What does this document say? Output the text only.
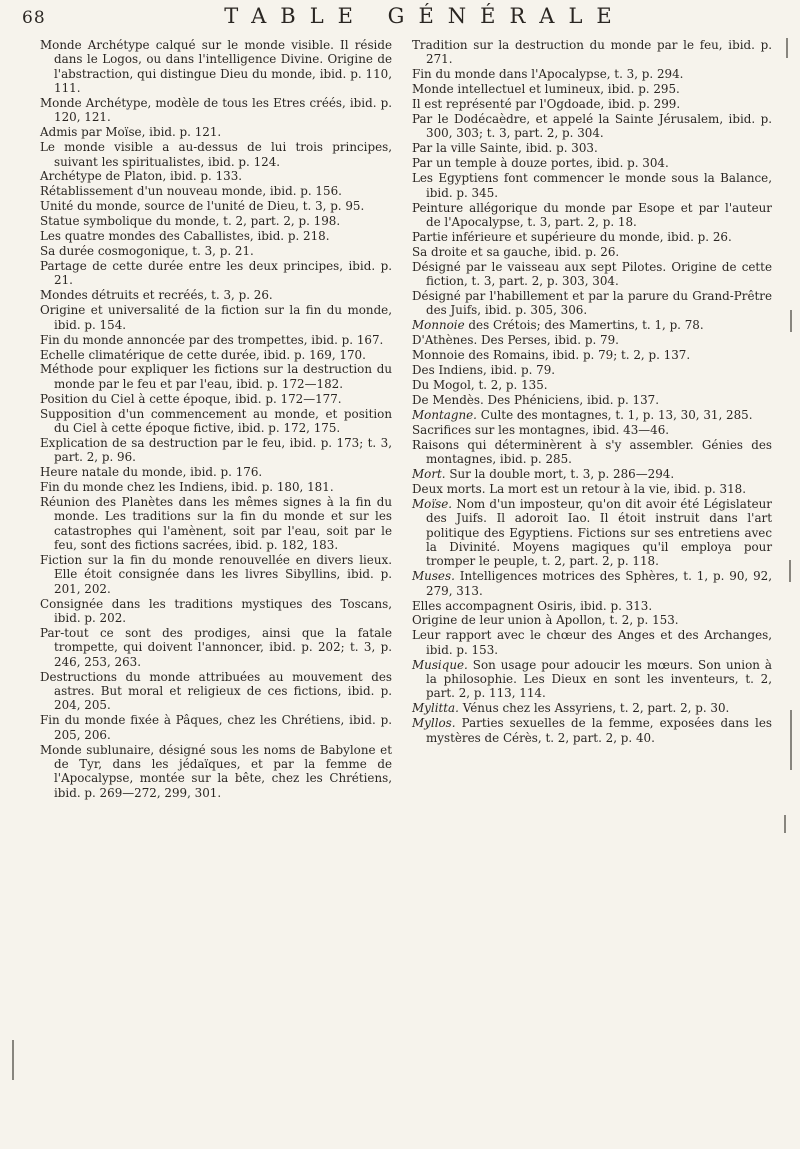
68	TABLE GÉNÉRALE

Monde Archétype calqué sur le monde visible. Il réside dans le Logos, ou dans l'intelligence Divine. Origine de l'abstraction, qui distingue Dieu du monde, ibid. p. 110, 111.

Monde Archétype, modèle de tous les Etres créés, ibid. p. 120, 121.

Admis par Moïse, ibid. p. 121.

Le monde visible a au-dessus de lui trois principes, suivant les spiritualistes, ibid. p. 124.

Archétype de Platon, ibid. p. 133.

Rétablissement d'un nouveau monde, ibid. p. 156.

Unité du monde, source de l'unité de Dieu, t. 3, p. 95.

Statue symbolique du monde, t. 2, part. 2, p. 198.

Les quatre mondes des Caballistes, ibid. p. 218.

Sa durée cosmogonique, t. 3, p. 21.

Partage de cette durée entre les deux principes, ibid. p. 21.

Mondes détruits et recréés, t. 3, p. 26.

Origine et universalité de la fiction sur la fin du monde, ibid. p. 154.

Fin du monde annoncée par des trompettes, ibid. p. 167.

Echelle climatérique de cette durée, ibid. p. 169, 170.

Méthode pour expliquer les fictions sur la destruction du monde par le feu et par l'eau, ibid. p. 172—182.

Position du Ciel à cette époque, ibid. p. 172—177.

Supposition d'un commencement au monde, et position du Ciel à cette époque fictive, ibid. p. 172, 175.

Explication de sa destruction par le feu, ibid. p. 173; t. 3, part. 2, p. 96.

Heure natale du monde, ibid. p. 176.

Fin du monde chez les Indiens, ibid. p. 180, 181.

Réunion des Planètes dans les mêmes signes à la fin du monde. Les traditions sur la fin du monde et sur les catastrophes qui l'amènent, soit par l'eau, soit par le feu, sont des fictions sacrées, ibid. p. 182, 183.

Fiction sur la fin du monde renouvellée en divers lieux. Elle étoit consignée dans les livres Sibyllins, ibid. p. 201, 202.

Consignée dans les traditions mystiques des Toscans, ibid. p. 202.

Par-tout ce sont des prodiges, ainsi que la fatale trompette, qui doivent l'annoncer, ibid. p. 202; t. 3, p. 246, 253, 263.

Destructions du monde attribuées au mouvement des astres. But moral et religieux de ces fictions, ibid. p. 204, 205.

Fin du monde fixée à Pâques, chez les Chrétiens, ibid. p. 205, 206.

Monde sublunaire, désigné sous les noms de Babylone et de Tyr, dans les jédaïques, et par la femme de l'Apocalypse, montée sur la bête, chez les Chrétiens, ibid. p. 269—272, 299, 301.

Tradition sur la destruction du monde par le feu, ibid. p. 271.

Fin du monde dans l'Apocalypse, t. 3, p. 294.

Monde intellectuel et lumineux, ibid. p. 295.

Il est représenté par l'Ogdoade, ibid. p. 299.

Par le Dodécaèdre, et appelé la Sainte Jérusalem, ibid. p. 300, 303; t. 3, part. 2, p. 304.

Par la ville Sainte, ibid. p. 303.

Par un temple à douze portes, ibid. p. 304.

Les Egyptiens font commencer le monde sous la Balance, ibid. p. 345.

Peinture allégorique du monde par Esope et par l'auteur de l'Apocalypse, t. 3, part. 2, p. 18.

Partie inférieure et supérieure du monde, ibid. p. 26.

Sa droite et sa gauche, ibid. p. 26.

Désigné par le vaisseau aux sept Pilotes. Origine de cette fiction, t. 3, part. 2, p. 303, 304.

Désigné par l'habillement et par la parure du Grand-Prêtre des Juifs, ibid. p. 305, 306.

Monnoie des Crétois; des Mamertins, t. 1, p. 78.

D'Athènes. Des Perses, ibid. p. 79.

Monnoie des Romains, ibid. p. 79; t. 2, p. 137.

Des Indiens, ibid. p. 79.

Du Mogol, t. 2, p. 135.

De Mendès. Des Phéniciens, ibid. p. 137.

Montagne. Culte des montagnes, t. 1, p. 13, 30, 31, 285.

Sacrifices sur les montagnes, ibid. 43—46.

Raisons qui déterminèrent à s'y assembler. Génies des montagnes, ibid. p. 285.

Mort. Sur la double mort, t. 3, p. 286—294.

Deux morts. La mort est un retour à la vie, ibid. p. 318.

Moïse. Nom d'un imposteur, qu'on dit avoir été Législateur des Juifs. Il adoroit Iao. Il étoit instruit dans l'art politique des Egyptiens. Fictions sur ses entretiens avec la Divinité. Moyens magiques qu'il employa pour tromper le peuple, t. 2, part. 2, p. 118.

Muses. Intelligences motrices des Sphères, t. 1, p. 90, 92, 279, 313.

Elles accompagnent Osiris, ibid. p. 313.

Origine de leur union à Apollon, t. 2, p. 153.

Leur rapport avec le chœur des Anges et des Archanges, ibid. p. 153.

Musique. Son usage pour adoucir les mœurs. Son union à la philosophie. Les Dieux en sont les inventeurs, t. 2, part. 2, p. 113, 114.

Mylitta. Vénus chez les Assyriens, t. 2, part. 2, p. 30.

Myllos. Parties sexuelles de la femme, exposées dans les mystères de Cérès, t. 2, part. 2, p. 40.
